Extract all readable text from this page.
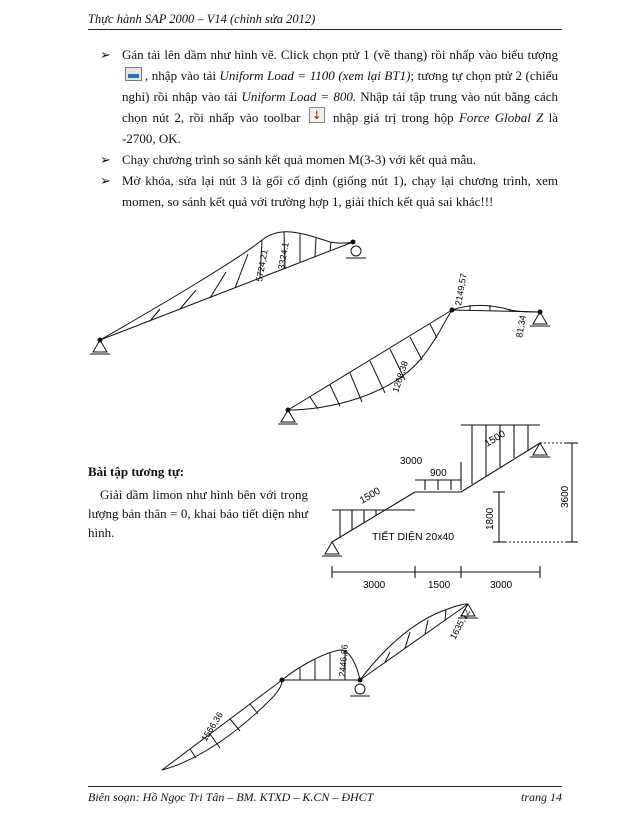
Thực hành SAP 2000 – V14 (chỉnh sửa 2012)

➢ Gán tải lên dầm như hình vẽ. Click chọn ptử 1 (về thang) rồi nhấp vào biểu tượng , nhập vào tải Uniform Load = 1100 (xem lại BT1); tương tự chọn ptử 2 (chiếu nghỉ) rồi nhập vào tải Uniform Load = 800. Nhập tải tập trung vào nút bằng cách chọn nút 2, rồi nhấp vào toolbar ↓ nhập giá trị trong hộp Force Global Z là -2700, OK.

➢ Chạy chương trình so sánh kết quả momen M(3-3) với kết quả mẫu.

➢ Mở khóa, sửa lại nút 3 là gối cố định (giống nút 1), chạy lại chương trình, xem momen, so sánh kết quả với trường hợp 1, giải thích kết quả sai khác!!!

5724,21 3324.1
2149,57
81,34
1268,38
Bài tập tương tự:
Giải dầm limon như hình bên với trọng lượng bản thân = 0, khai báo tiết diện như hình.
1500
3000
900
1500
TIẾT DIỆN 20x40
3000	1500	3000
1800
3600
1566,36
2446,86
1635,12
Biên soạn: Hồ Ngọc Tri Tân – BM. KTXD – K.CN – ĐHCT	trang 14
